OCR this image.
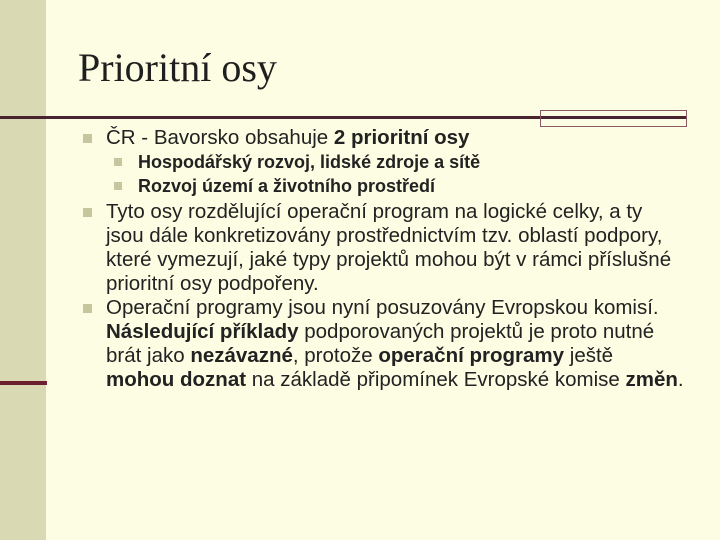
Prioritní osy
ČR - Bavorsko obsahuje 2 prioritní osy
Hospodářský rozvoj, lidské zdroje a sítě
Rozvoj území a životního prostředí
Tyto osy rozdělující operační program na logické celky, a ty jsou dále konkretizovány prostřednictvím tzv. oblastí podpory, které vymezují, jaké typy projektů mohou být v rámci příslušné prioritní osy podpořeny.
Operační programy jsou nyní posuzovány Evropskou komisí. Následující příklady podporovaných projektů je proto nutné brát jako nezávazné, protože operační programy ještě mohou doznat na základě připomínek Evropské komise změn.
